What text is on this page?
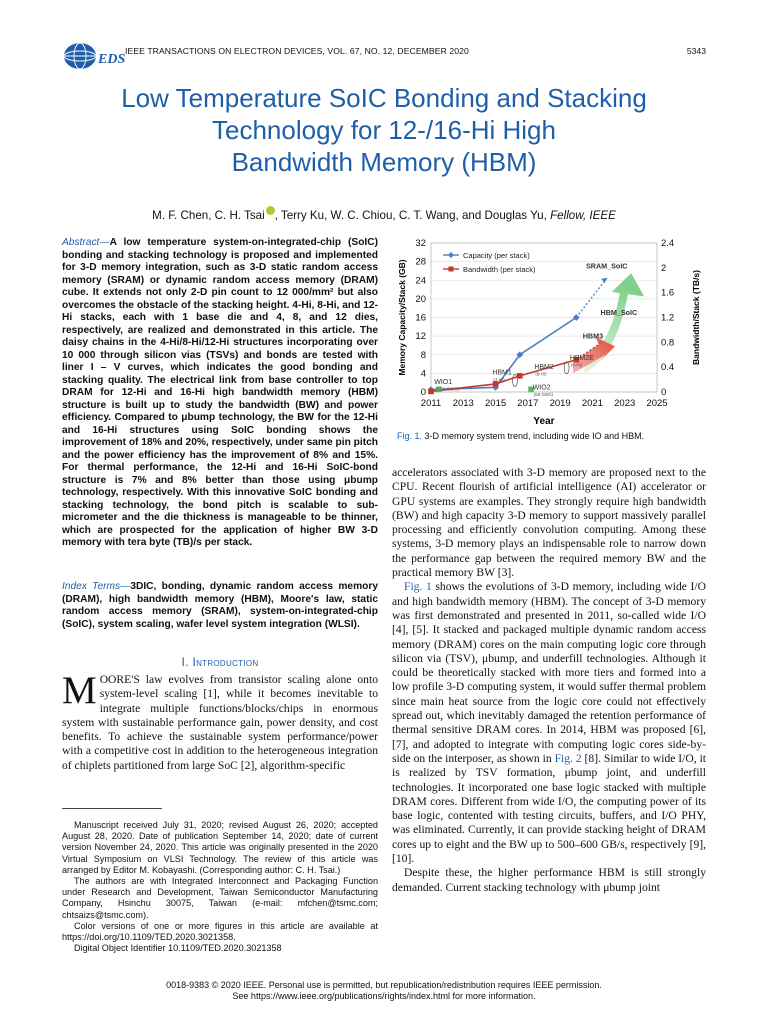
EDS
IEEE TRANSACTIONS ON ELECTRON DEVICES, VOL. 67, NO. 12, DECEMBER 2020	5343
Low Temperature SoIC Bonding and Stacking
Technology for 12-/16-Hi High
Bandwidth Memory (HBM)
M. F. Chen, C. H. Tsai , Terry Ku, W. C. Chiou, C. T. Wang, and Douglas Yu, Fellow, IEEE
Abstract—A low temperature system-on-integrated-chip (SoIC) bonding and stacking technology is proposed and implemented for 3-D memory integration, such as 3-D static random access memory (SRAM) or dynamic random access memory (DRAM) cube. It extends not only 2-D pin count to 12 000/mm² but also overcomes the obstacle of the stacking height. 4-Hi, 8-Hi, and 12-Hi stacks, each with 1 base die and 4, 8, and 12 dies, respectively, are realized and demonstrated in this article. The daisy chains in the 4-Hi/8-Hi/12-Hi structures incorporating over 10 000 through silicon vias (TSVs) and bonds are tested with liner I – V curves, which indicates the good bonding and stacking quality. The electrical link from base controller to top DRAM for 12-Hi and 16-Hi high bandwidth memory (HBM) structure is built up to study the bandwidth (BW) and power efficiency. Compared to μbump technology, the BW for the 12-Hi and 16-Hi structures using SoIC bonding shows the improvement of 18% and 20%, respectively, under same pin pitch and the power efficiency has the improvement of 8% and 15%. For thermal performance, the 12-Hi and 16-Hi SoIC-bond structure is 7% and 8% better than those using μbump technology, respectively. With this innovative SoIC bonding and stacking technology, the bond pitch is scalable to sub-micrometer and the die thickness is manageable to be thinner, which are prospected for the application of higher BW 3-D memory with tera byte (TB)/s per stack.
Index Terms—3DIC, bonding, dynamic random access memory (DRAM), high bandwidth memory (HBM), Moore's law, static random access memory (SRAM), system-on-integrated-chip (SoIC), system scaling, wafer level system integration (WLSI).
I. Introduction
MOORE'S law evolves from transistor scaling alone onto system-level scaling [1], while it becomes inevitable to integrate multiple functions/blocks/chips in enormous system with sustainable performance gain, power density, and cost benefits. To achieve the sustainable system performance/power with a competitive cost in addition to the heterogeneous integration of chiplets partitioned from large SoC [2], algorithm-specific

Manuscript received July 31, 2020; revised August 26, 2020; accepted August 28, 2020. Date of publication September 14, 2020; date of current version November 24, 2020. This article was originally presented in the 2020 Virtual Symposium on VLSI Technology. The review of this article was arranged by Editor M. Kobayashi. (Corresponding author: C. H. Tsai.)

The authors are with Integrated Interconnect and Packaging Function under Research and Development, Taiwan Semiconductor Manufacturing Company, Hsinchu 30075, Taiwan (e-mail: mfchen@tsmc.com; chtsaizs@tsmc.com).

Color versions of one or more figures in this article are available at https://doi.org/10.1109/TED.2020.3021358.

Digital Object Identifier 10.1109/TED.2020.3021358

0
4
8
12
16
20
24
28
32
0
0.4
0.8
1.2
1.6
2
2.4
2011 2013 2015 2017 2019 2021 2023 2025
Year
Memory Capacity/Stack (GB)	Bandwidth/Stack (TB/s)
WIO1
(12.8 GB/S)
HBM1
(4-Hi)
HBM2
(8-Hi)
HBM2E
(8-Hi)
WIO2
(68 GB/s)
HBM3
HBM_SoIC
SRAM_SoIC
Capacity (per stack)
Bandwidth (per stack)
Fig. 1. 3-D memory system trend, including wide IO and HBM.

accelerators associated with 3-D memory are proposed next to the CPU. Recent flourish of artificial intelligence (AI) accelerator or GPU systems are examples. They strongly require high bandwidth (BW) and high capacity 3-D memory to support massively parallel processing and efficiently convolution computing. Among these systems, 3-D memory plays an indispensable role to narrow down the performance gap between the required memory BW and the practical memory BW [3].

Fig. 1 shows the evolutions of 3-D memory, including wide I/O and high bandwidth memory (HBM). The concept of 3-D memory was first demonstrated and presented in 2011, so-called wide I/O [4], [5]. It stacked and packaged multiple dynamic random access memory (DRAM) cores on the main computing logic core through silicon via (TSV), μbump, and underfill technologies. Although it could be theoretically stacked with more tiers and formed into a low profile 3-D computing system, it would suffer thermal problem since main heat source from the logic core could not effectively spread out, which inevitably damaged the retention performance of thermal sensitive DRAM cores. In 2014, HBM was proposed [6], [7], and adopted to integrate with computing logic cores side-by-side on the interposer, as shown in Fig. 2 [8]. Similar to wide I/O, it is realized by TSV formation, μbump joint, and underfill technologies. It incorporated one base logic stacked with multiple DRAM cores. Different from wide I/O, the computing power of its base logic, contented with testing circuits, buffers, and I/O PHY, was eliminated. Currently, it can provide stacking height of DRAM cores up to eight and the BW up to 500–600 GB/s, respectively [9], [10].

Despite these, the higher performance HBM is still strongly demanded. Current stacking technology with μbump joint

0018-9383 © 2020 IEEE. Personal use is permitted, but republication/redistribution requires IEEE permission.
See https://www.ieee.org/publications/rights/index.html for more information.
